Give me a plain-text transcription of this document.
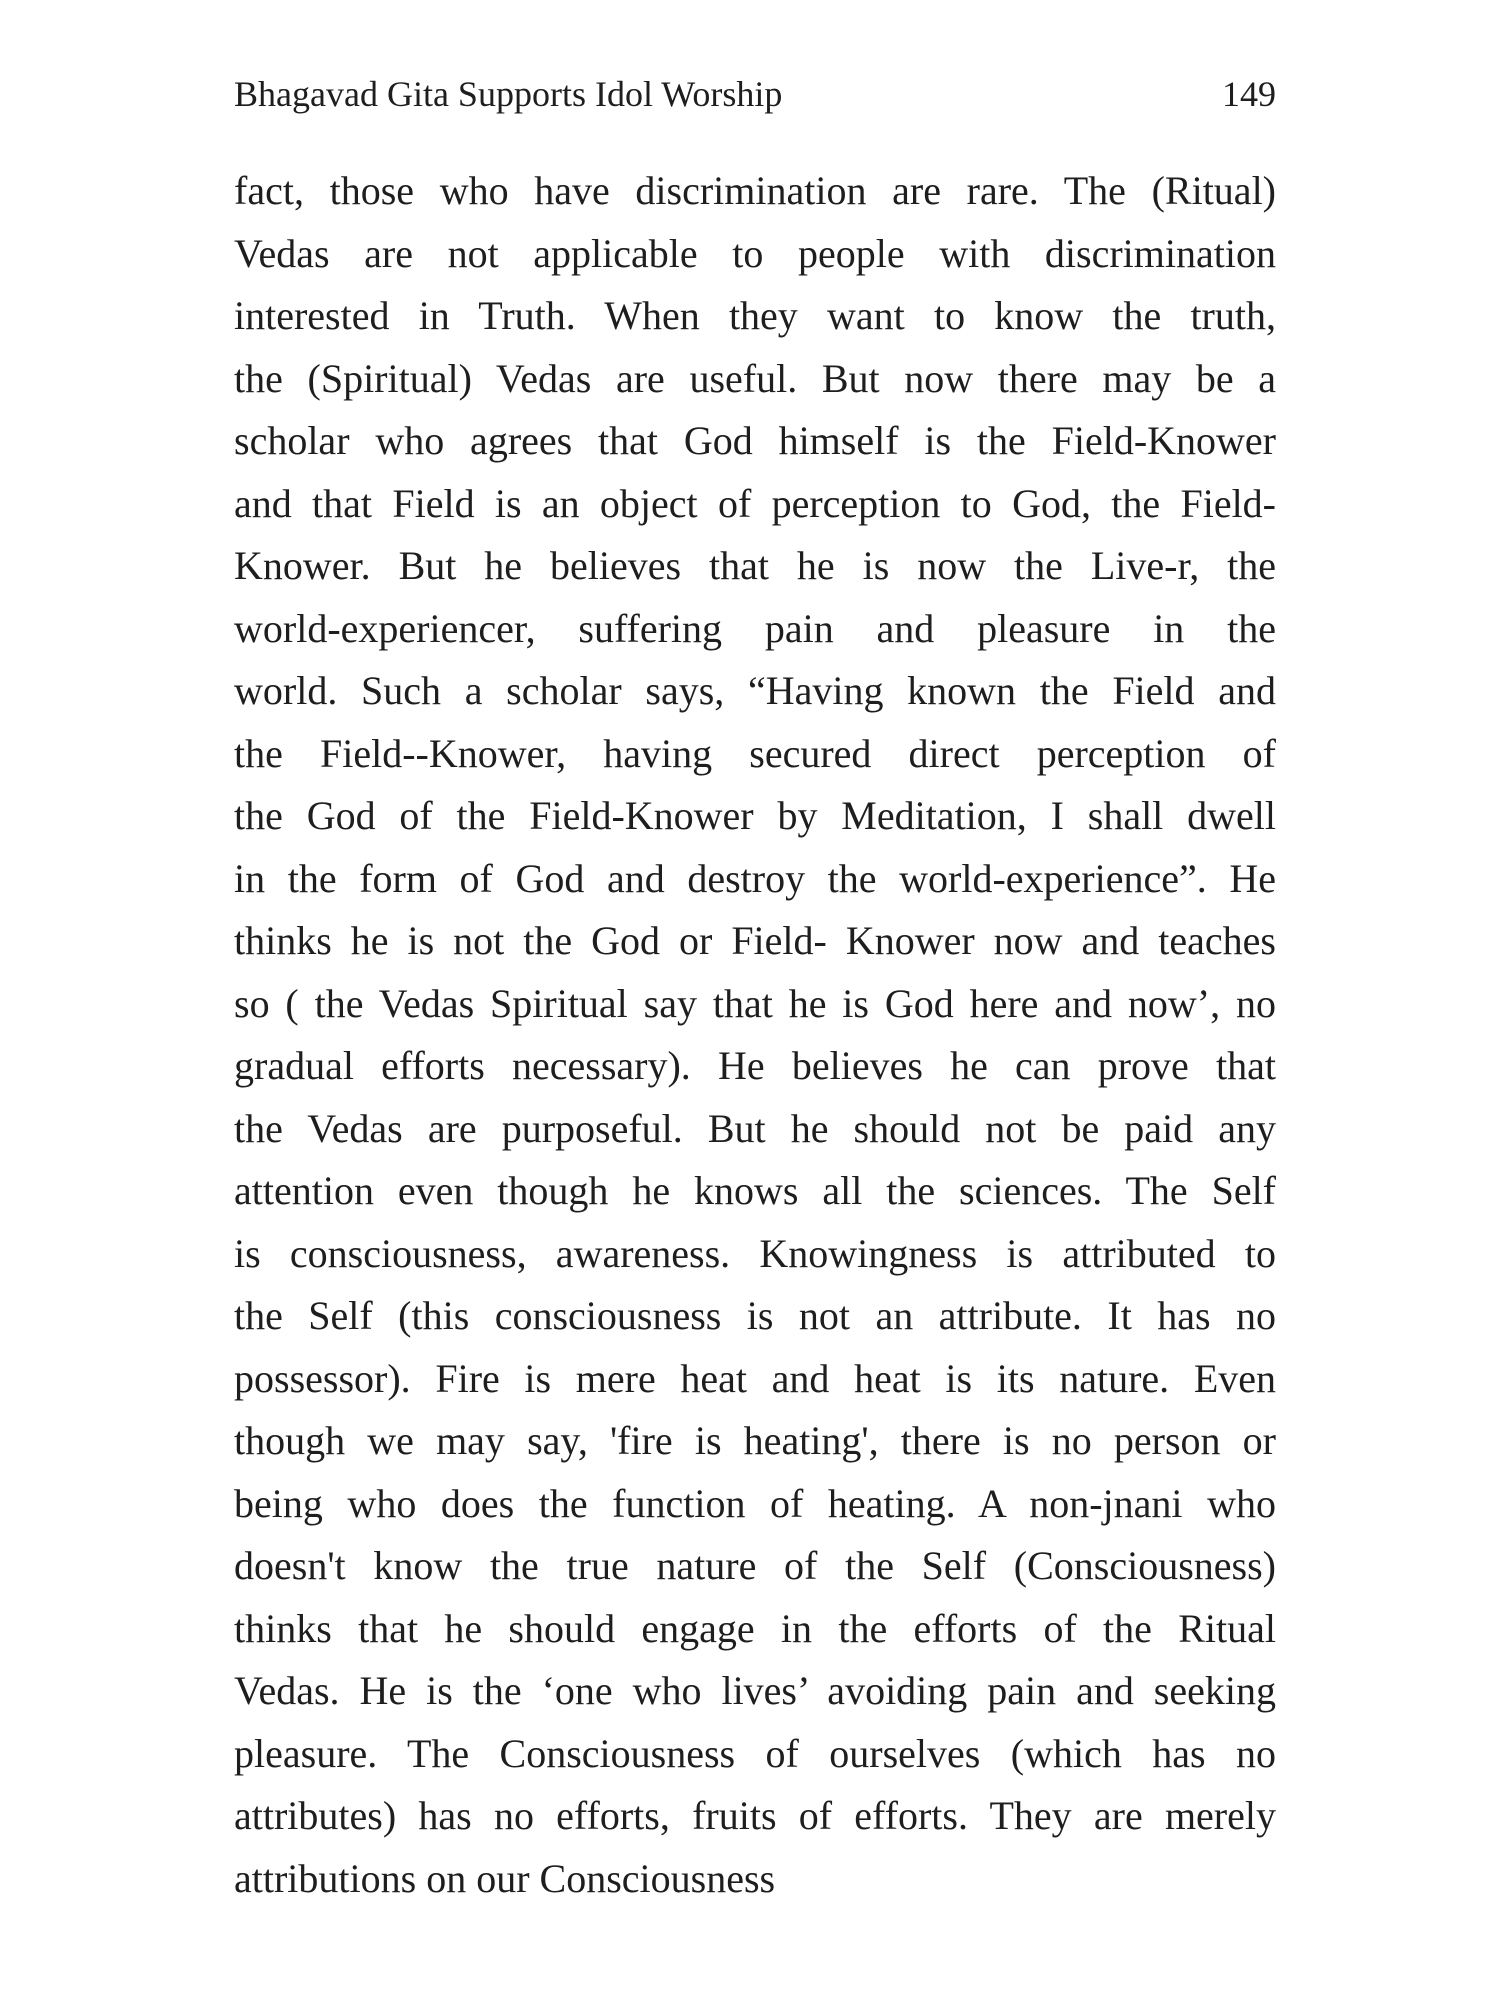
Bhagavad Gita Supports Idol Worship	149
fact, those who have discrimination are rare. The (Ritual)
Vedas are not applicable to people with discrimination
interested in Truth. When they want to know the truth,
the (Spiritual) Vedas are useful. But now there may be a
scholar who agrees that God himself is the Field-Knower
and that Field is an object of perception to God, the Field-
Knower. But he believes that he is now the Live-r, the
world-experiencer, suffering pain and pleasure in the
world. Such a scholar says, “Having known the Field and
the Field--Knower, having secured direct perception of
the God of the Field-Knower by Meditation, I shall dwell
in the form of God and destroy the world-experience”. He
thinks he is not the God or Field- Knower now and teaches
so ( the Vedas Spiritual say that he is God here and now’, no
gradual efforts necessary). He believes he can prove that
the Vedas are purposeful. But he should not be paid any
attention even though he knows all the sciences. The Self
is consciousness, awareness. Knowingness is attributed to
the Self (this consciousness is not an attribute. It has no
possessor). Fire is mere heat and heat is its nature. Even
though we may say, 'fire is heating', there is no person or
being who does the function of heating. A non-jnani who
doesn't know the true nature of the Self (Consciousness)
thinks that he should engage in the efforts of the Ritual
Vedas. He is the ‘one who lives’ avoiding pain and seeking
pleasure. The Consciousness of ourselves (which has no
attributes) has no efforts, fruits of efforts. They are merely
attributions on our Consciousness
